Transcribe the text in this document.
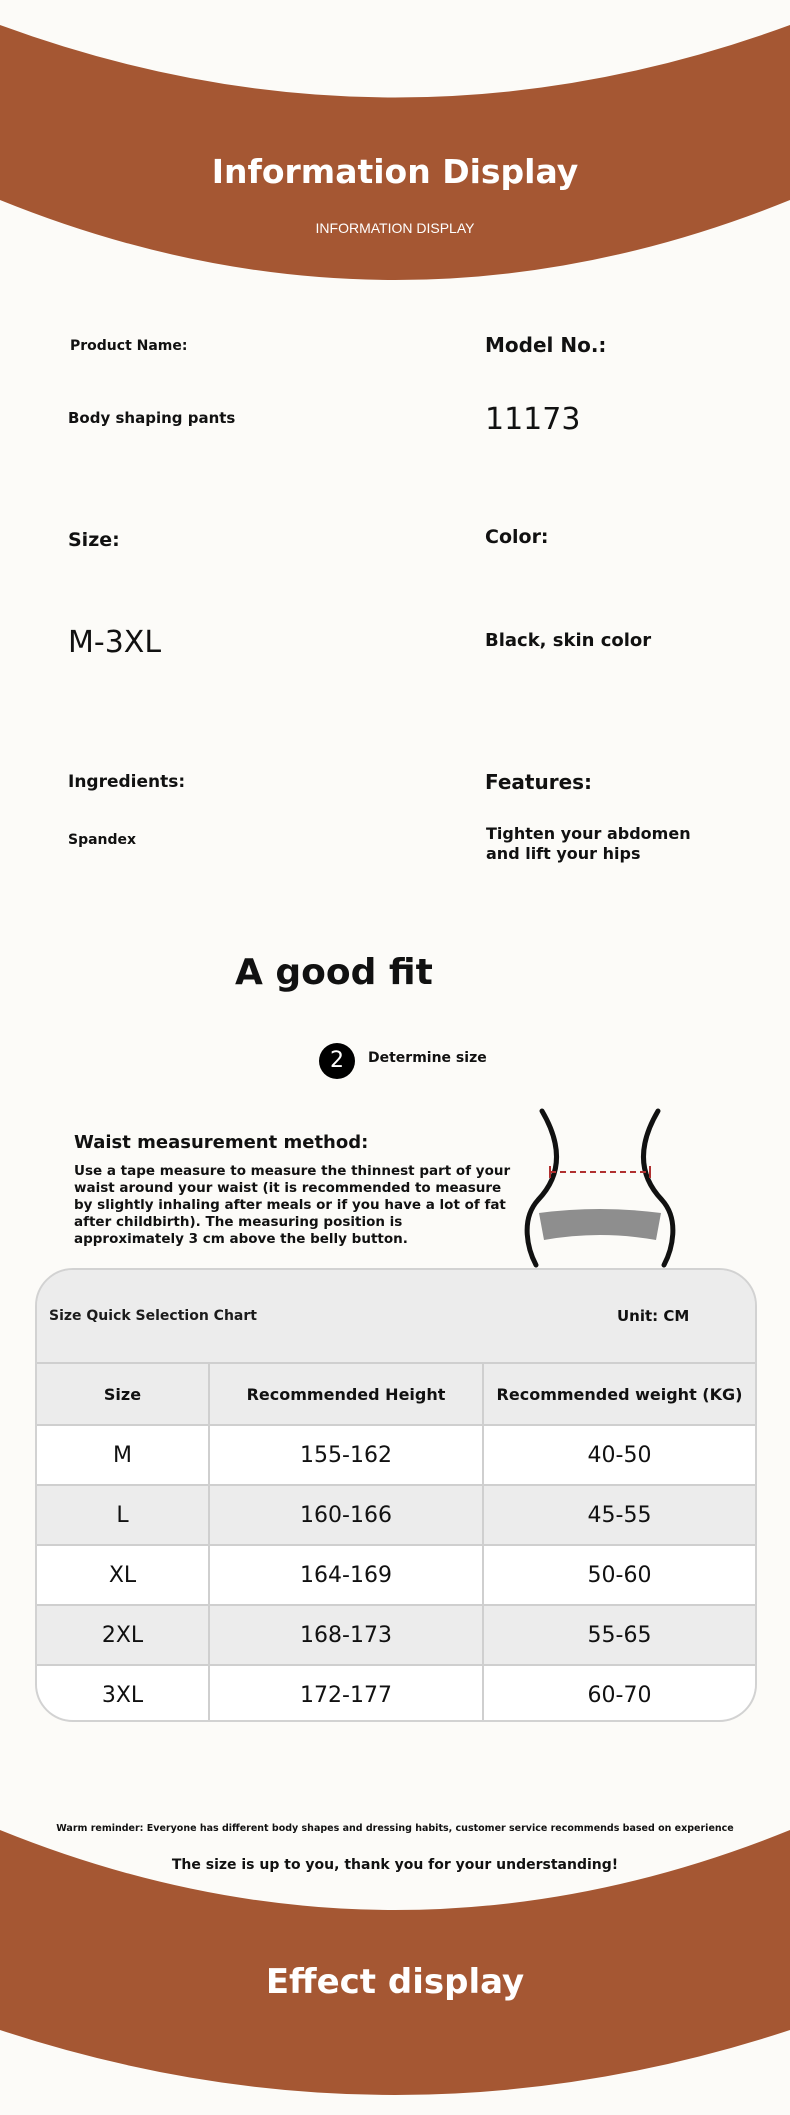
Information Display
INFORMATION DISPLAY
Product Name:
Body shaping pants
Model No.:
11173
Size:
M-3XL
Color:
Black, skin color
Ingredients:
Spandex
Features:
Tighten your abdomen
and lift your hips
A good fit
2	Determine size
Waist measurement method:
Use a tape measure to measure the thinnest part of your waist around your waist (it is recommended to measure by slightly inhaling after meals or if you have a lot of fat after childbirth). The measuring position is approximately 3 cm above the belly button.
Size Quick Selection Chart	Unit: CM
Size	Recommended Height	Recommended weight (KG)
M	155-162	40-50
L	160-166	45-55
XL	164-169	50-60
2XL	168-173	55-65
3XL	172-177	60-70
Warm reminder: Everyone has different body shapes and dressing habits, customer service recommends based on experience
The size is up to you, thank you for your understanding!
Effect display
